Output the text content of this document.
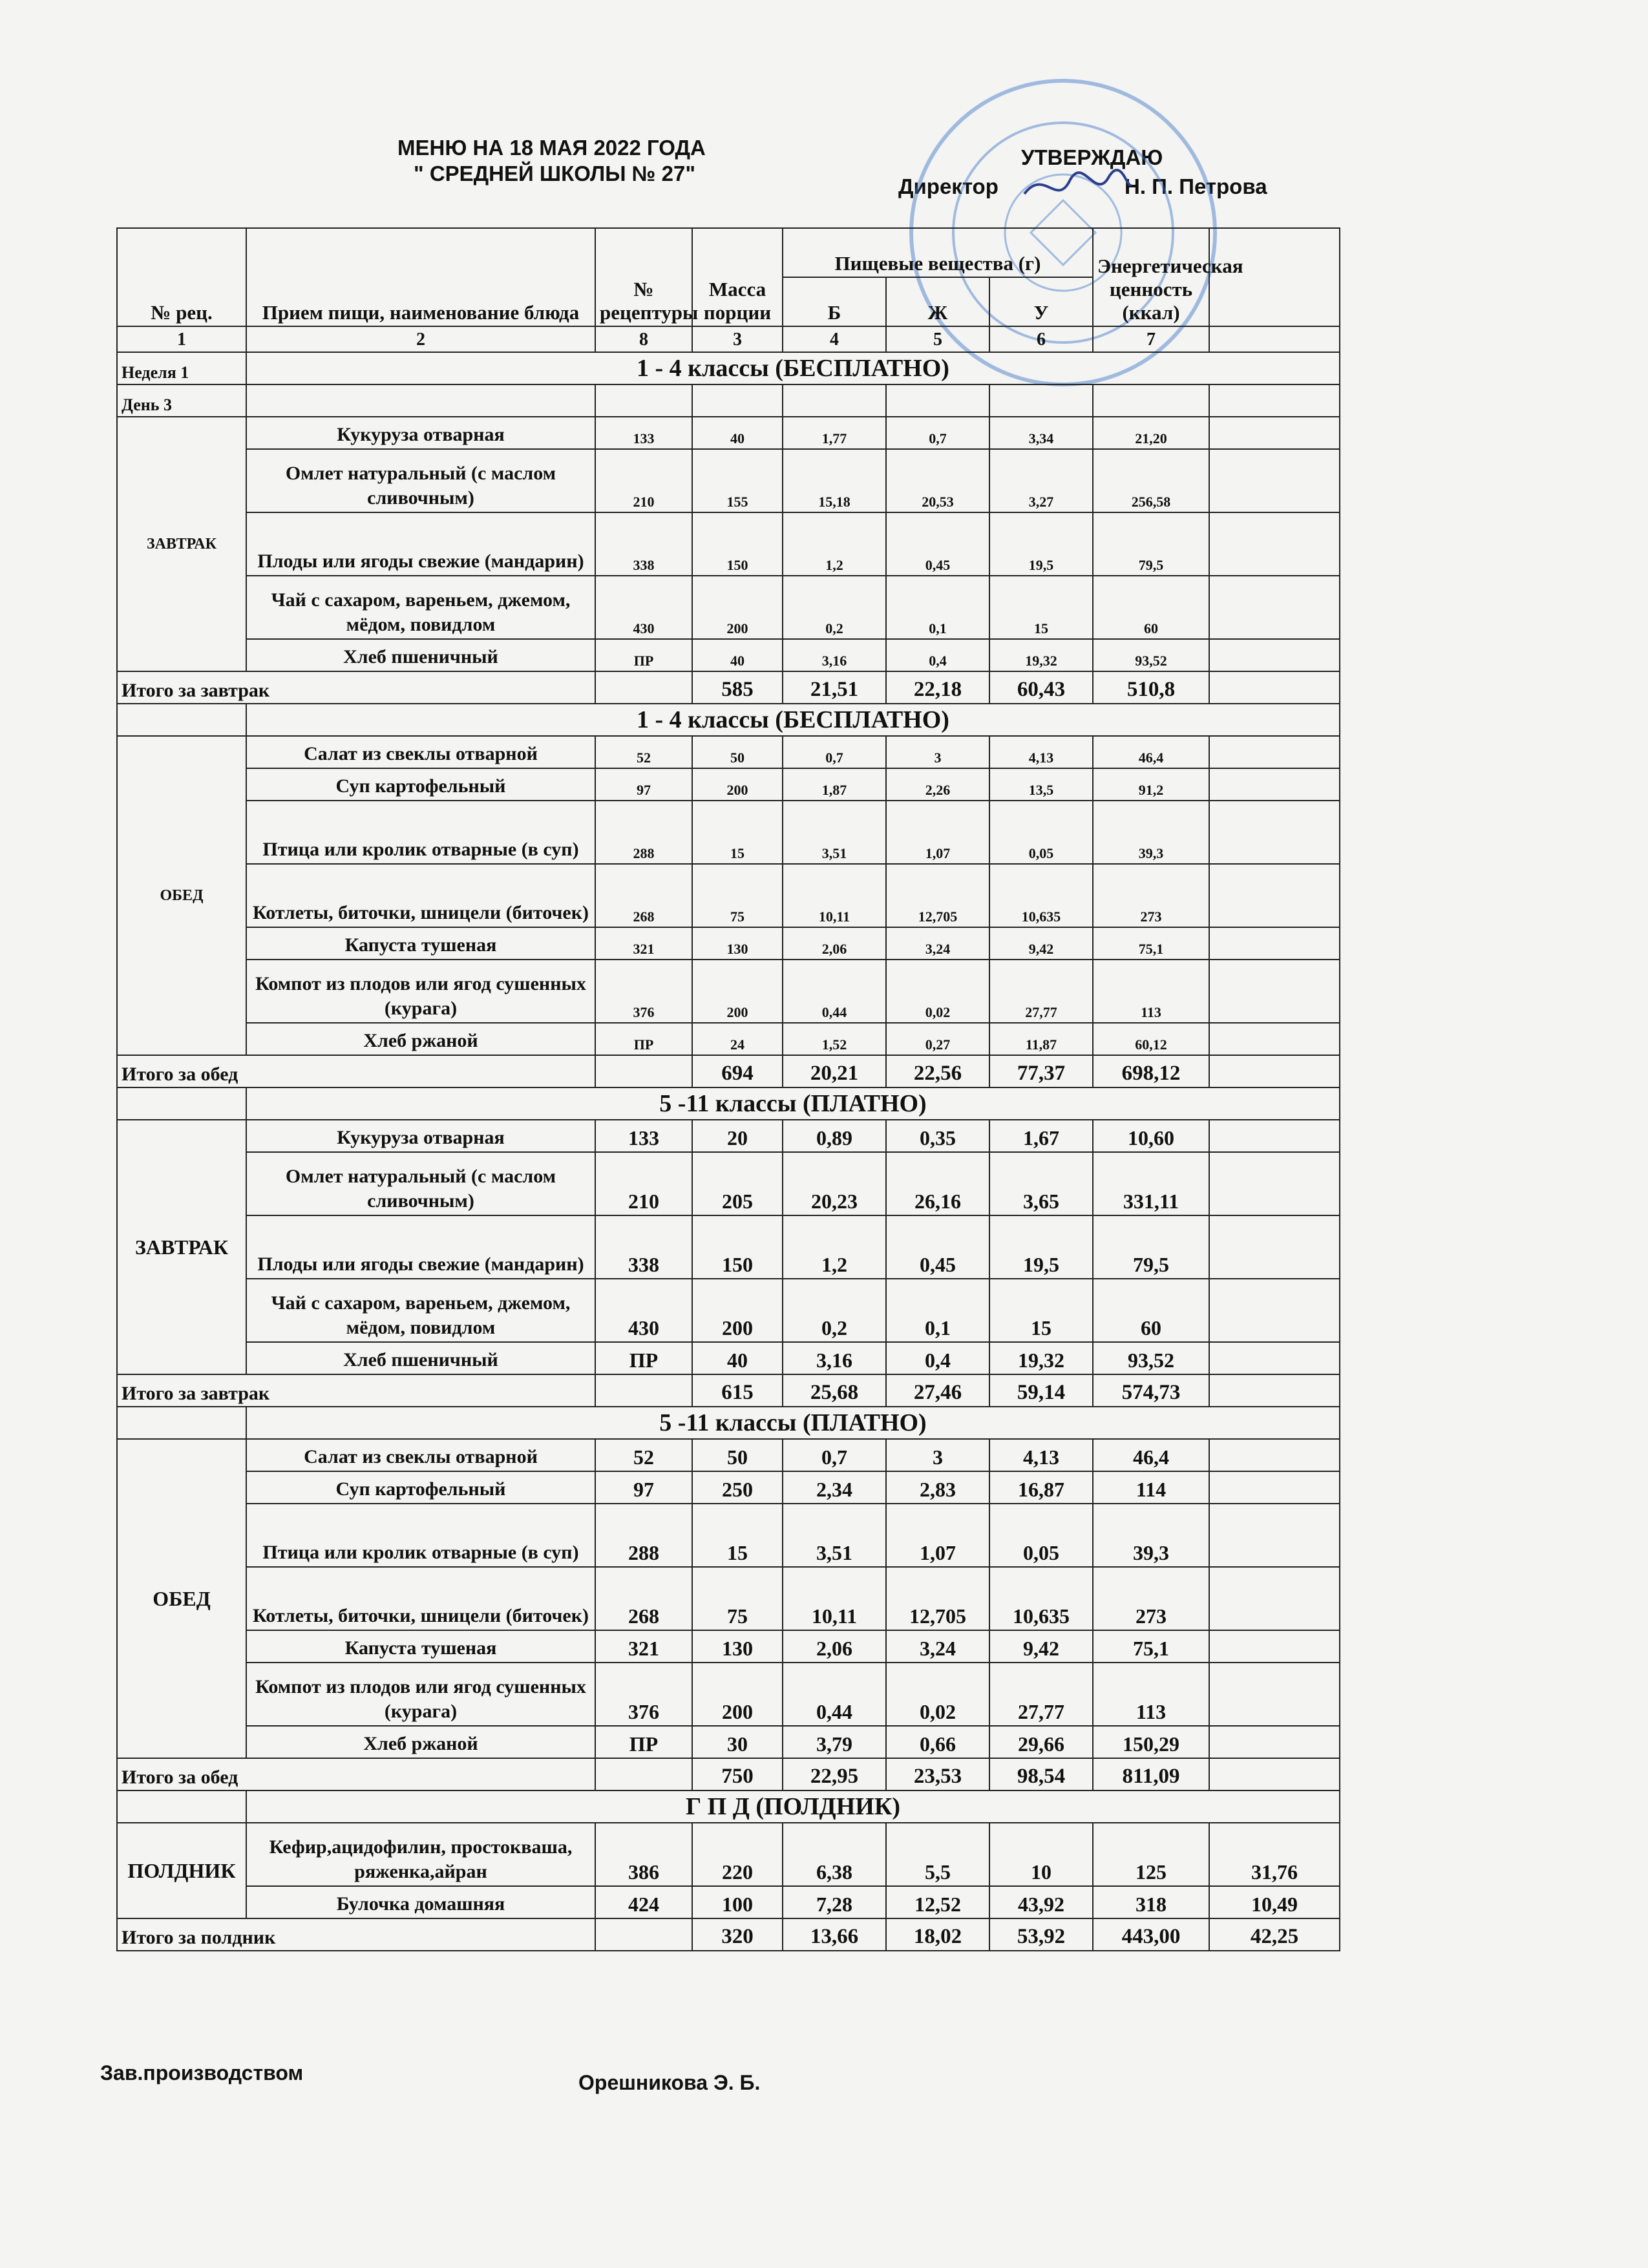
МЕНЮ НА 18 МАЯ 2022 ГОДА
" СРЕДНЕЙ ШКОЛЫ № 27"
УТВЕРЖДАЮ
Директор	Н. П. Петрова
№ рец.	Прием пищи, наименование блюда	№ рецептуры	Масса порции	Пищевые вещества (г)			Энергетическая ценность (ккал)	
				Б	Ж	У		
1	2	8	3	4	5	6	7	
Неделя 1	1 - 4 классы (БЕСПЛАТНО)							
День 3								
ЗАВТРАК	Кукуруза отварная	133	40	1,77	0,7	3,34	21,20	
	Омлет натуральный (с маслом сливочным)	210	155	15,18	20,53	3,27	256,58	
	Плоды или ягоды свежие (мандарин)	338	150	1,2	0,45	19,5	79,5	
	Чай с сахаром, вареньем, джемом, мёдом, повидлом	430	200	0,2	0,1	15	60	
	Хлеб пшеничный	ПР	40	3,16	0,4	19,32	93,52	
Итого за завтрак			585	21,51	22,18	60,43	510,8	
	1 - 4 классы (БЕСПЛАТНО)							
ОБЕД	Салат из свеклы отварной	52	50	0,7	3	4,13	46,4	
	Суп картофельный	97	200	1,87	2,26	13,5	91,2	
	Птица или кролик отварные (в суп)	288	15	3,51	1,07	0,05	39,3	
	Котлеты, биточки, шницели (биточек)	268	75	10,11	12,705	10,635	273	
	Капуста тушеная	321	130	2,06	3,24	9,42	75,1	
	Компот из плодов или ягод сушенных (курага)	376	200	0,44	0,02	27,77	113	
	Хлеб ржаной	ПР	24	1,52	0,27	11,87	60,12	
Итого за обед			694	20,21	22,56	77,37	698,12	
	5 -11 классы (ПЛАТНО)							
ЗАВТРАК	Кукуруза отварная	133	20	0,89	0,35	1,67	10,60	
	Омлет натуральный (с маслом сливочным)	210	205	20,23	26,16	3,65	331,11	
	Плоды или ягоды свежие (мандарин)	338	150	1,2	0,45	19,5	79,5	
	Чай с сахаром, вареньем, джемом, мёдом, повидлом	430	200	0,2	0,1	15	60	
	Хлеб пшеничный	ПР	40	3,16	0,4	19,32	93,52	
Итого за завтрак			615	25,68	27,46	59,14	574,73	
	5 -11 классы (ПЛАТНО)							
ОБЕД	Салат из свеклы отварной	52	50	0,7	3	4,13	46,4	
	Суп картофельный	97	250	2,34	2,83	16,87	114	
	Птица или кролик отварные (в суп)	288	15	3,51	1,07	0,05	39,3	
	Котлеты, биточки, шницели (биточек)	268	75	10,11	12,705	10,635	273	
	Капуста тушеная	321	130	2,06	3,24	9,42	75,1	
	Компот из плодов или ягод сушенных (курага)	376	200	0,44	0,02	27,77	113	
	Хлеб ржаной	ПР	30	3,79	0,66	29,66	150,29	
Итого за обед			750	22,95	23,53	98,54	811,09	
	Г П Д (ПОЛДНИК)							
ПОЛДНИК	Кефир,ацидофилин, простокваша, ряженка,айран	386	220	6,38	5,5	10	125	31,76
	Булочка домашняя	424	100	7,28	12,52	43,92	318	10,49
Итого за полдник			320	13,66	18,02	53,92	443,00	42,25
Зав.производством	Орешникова Э. Б.
